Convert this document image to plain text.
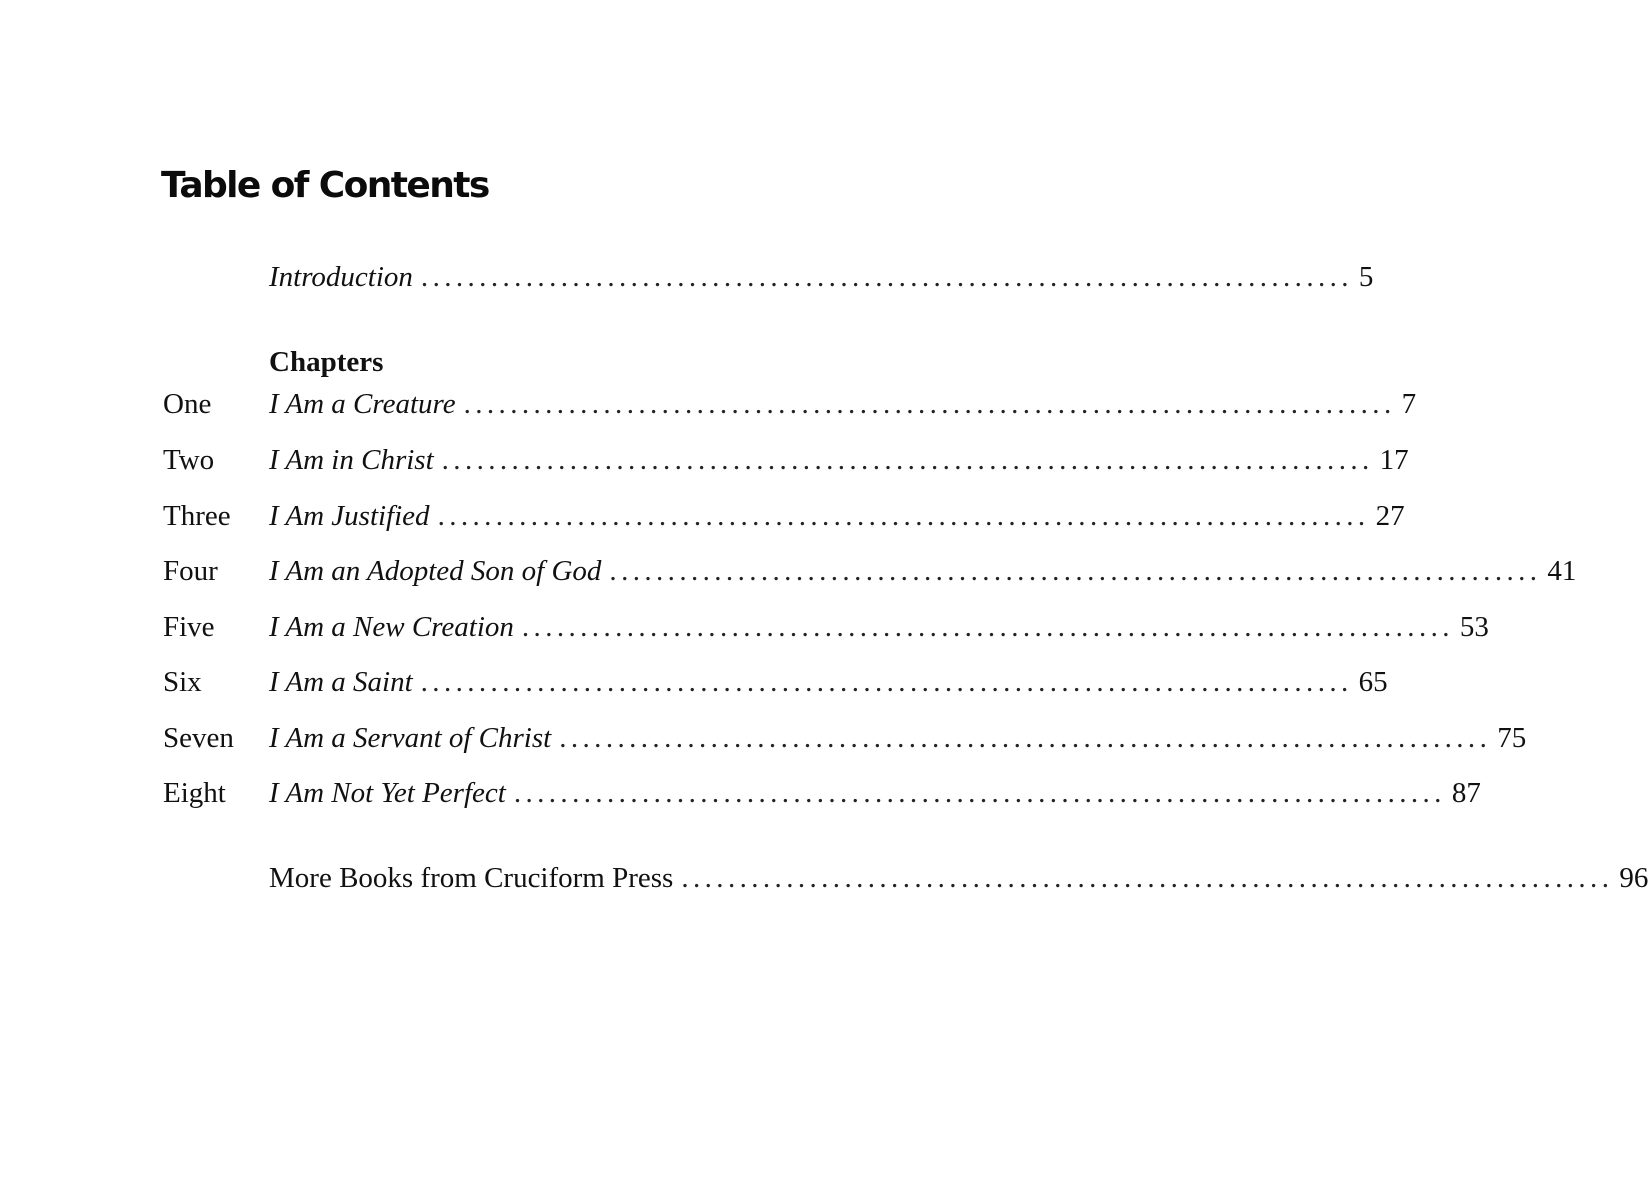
Table of Contents
Introduction ................................................................................ 5
Chapters
One I Am a Creature ................................................................................ 7
Two I Am in Christ ................................................................................ 17
Three I Am Justified ................................................................................ 27
Four I Am an Adopted Son of God ................................................................................ 41
Five I Am a New Creation ................................................................................ 53
Six I Am a Saint ................................................................................ 65
Seven I Am a Servant of Christ ................................................................................ 75
Eight I Am Not Yet Perfect ................................................................................ 87
More Books from Cruciform Press ................................................................................ 96
